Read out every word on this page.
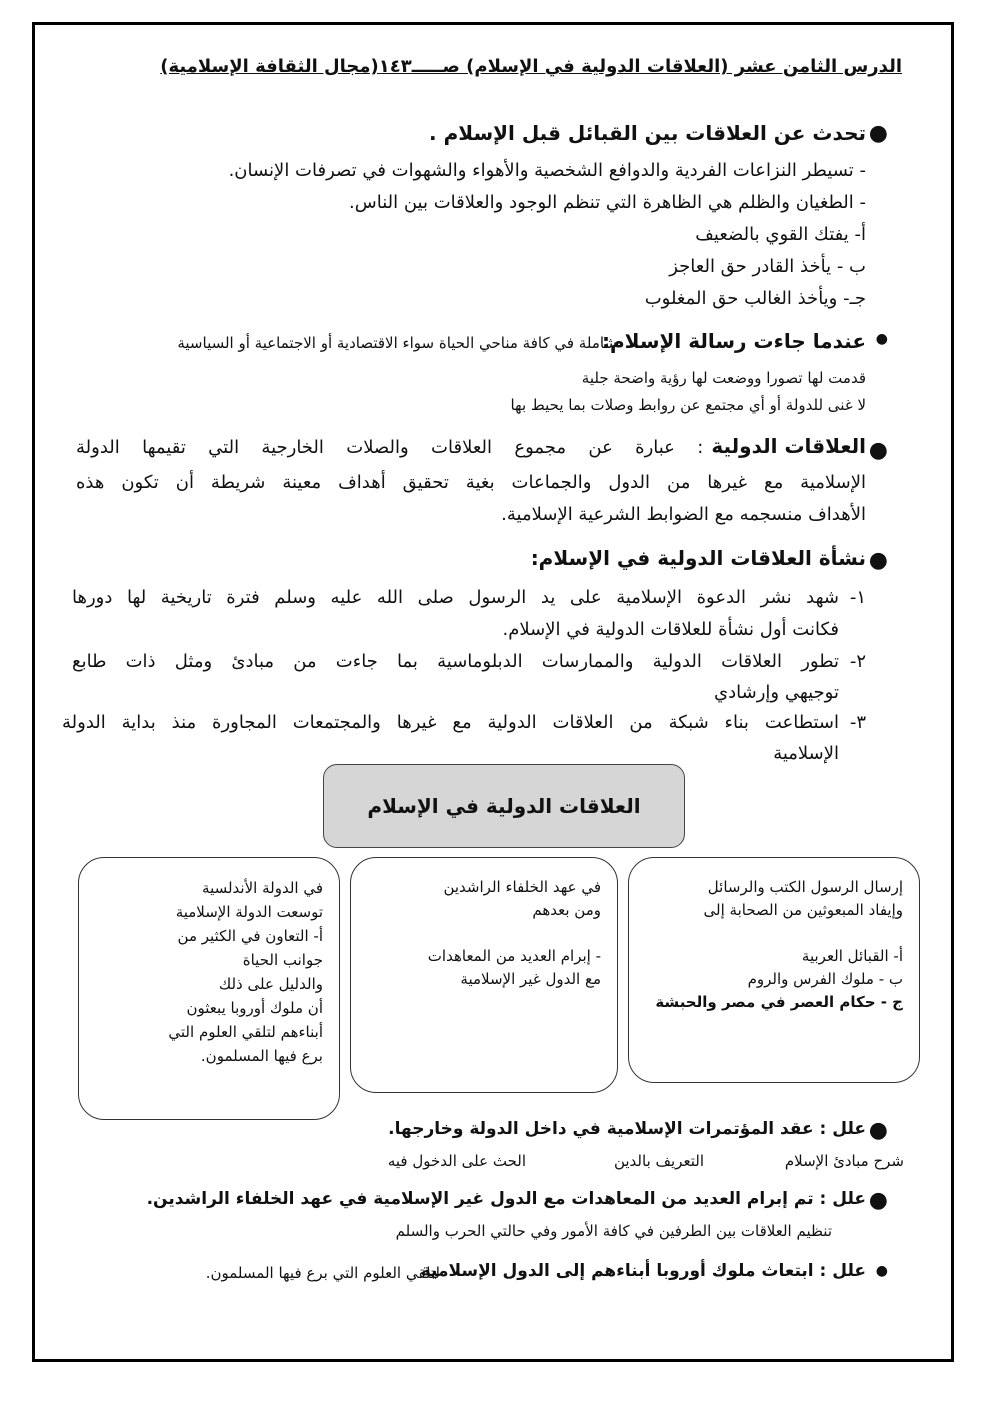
الدرس الثامن عشر (العلاقات الدولية في الإسلام) صـــــ١٤٣(مجال الثقافة الإسلامية)
●
تحدث عن العلاقات بين القبائل قبل الإسلام .
- تسيطر النزاعات الفردية والدوافع الشخصية والأهواء والشهوات في تصرفات الإنسان.
- الطغيان والظلم هي الظاهرة التي تنظم الوجود والعلاقات بين الناس.
أ- يفتك القوي بالضعيف
ب - يأخذ القادر حق العاجز
جـ- ويأخذ الغالب حق المغلوب
●
عندما جاءت رسالة الإسلام:
شاملة في كافة مناحي الحياة سواء الاقتصادية أو الاجتماعية أو السياسية
قدمت لها تصورا ووضعت لها رؤية واضحة جلية
لا غنى للدولة أو أي مجتمع عن روابط وصلات بما يحيط بها
●
العلاقات الدولية
: عبارة عن مجموع العلاقات والصلات الخارجية التي تقيمها الدولة
الإسلامية مع غيرها من الدول والجماعات بغية تحقيق أهداف معينة شريطة أن تكون هذه
الأهداف منسجمه مع الضوابط الشرعية الإسلامية.
●
نشأة العلاقات الدولية في الإسلام:
١-
شهد نشر الدعوة الإسلامية على يد الرسول صلى الله عليه وسلم فترة تاريخية لها دورها
فكانت أول نشأة للعلاقات الدولية في الإسلام.
٢-
تطور العلاقات الدولية والممارسات الدبلوماسية بما جاءت من مبادئ ومثل ذات طابع
توجيهي وإرشادي
٣-
استطاعت بناء شبكة من العلاقات الدولية مع غيرها والمجتمعات المجاورة منذ بداية الدولة
الإسلامية
العلاقات الدولية في الإسلام
إرسال الرسول الكتب والرسائل
وإيفاد المبعوثين من الصحابة إلى
أ- القبائل العربية
ب - ملوك الفرس والروم
ج - حكام العصر في مصر والحبشة
في عهد الخلفاء الراشدين
ومن بعدهم
- إبرام العديد من المعاهدات
مع الدول غير الإسلامية
في الدولة الأندلسية
توسعت الدولة الإسلامية
أ- التعاون في الكثير من
جوانب الحياة
والدليل على ذلك
أن ملوك أوروبا يبعثون
أبناءهم لتلقي العلوم التي
برع فيها المسلمون.
●
علل : عقد المؤتمرات الإسلامية في داخل الدولة وخارجها.
شرح مبادئ الإسلام
التعريف بالدين
الحث على الدخول فيه
●
علل : تم إبرام العديد من المعاهدات مع الدول غير الإسلامية في عهد الخلفاء الراشدين.
تنظيم العلاقات بين الطرفين في كافة الأمور وفي حالتي الحرب والسلم
●
علل : ابتعاث ملوك أوروبا أبناءهم إلى الدول الإسلامية
لتلقي العلوم التي برع فيها المسلمون.
